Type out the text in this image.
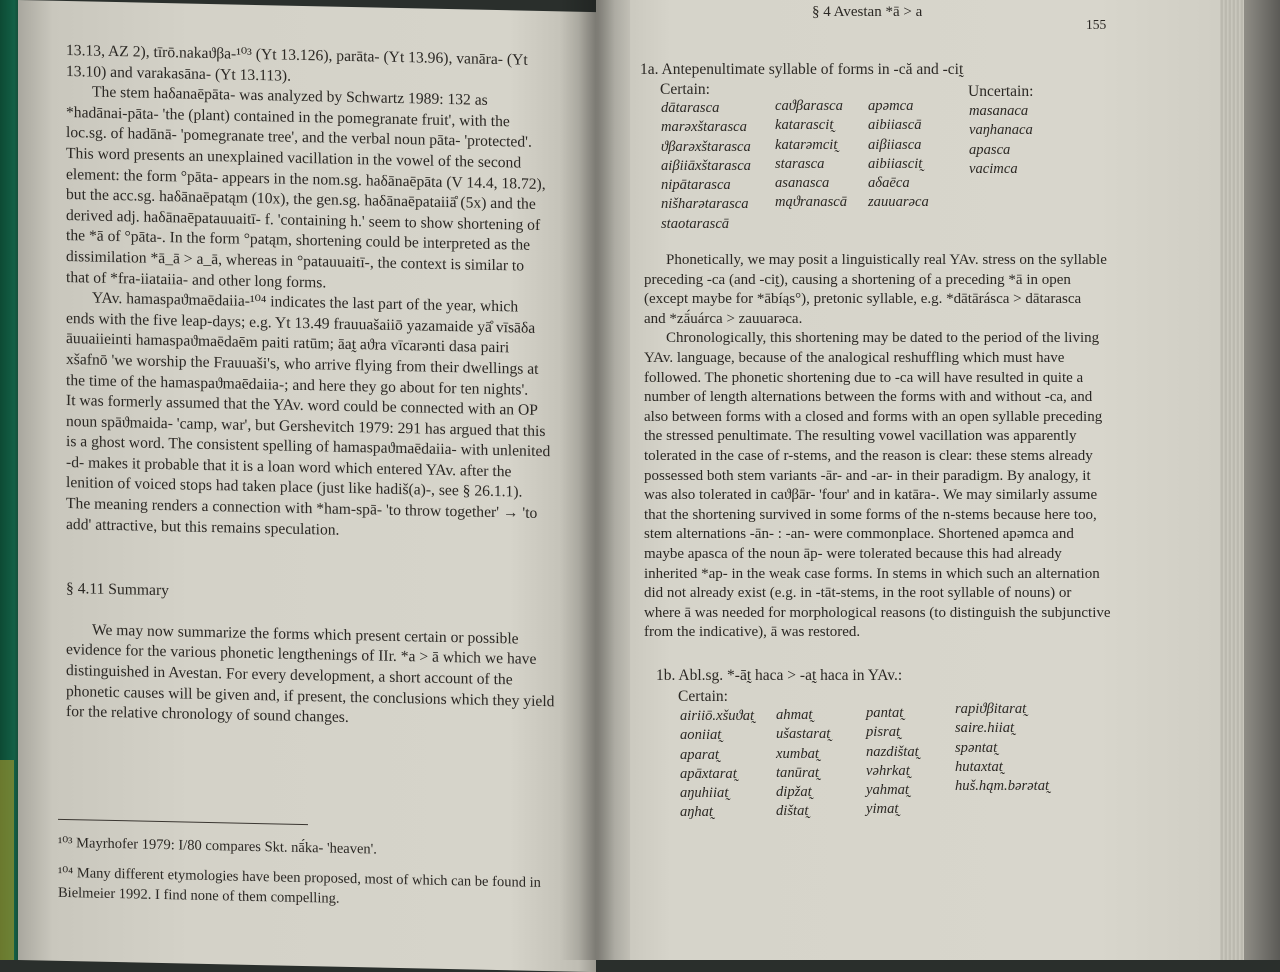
13.13, AZ 2), tīrō.nakaϑβa-¹⁰³ (Yt 13.126), parāta- (Yt 13.96), vanāra- (Yt

13.10) and varakasāna- (Yt 13.113).

The stem haδanaēpāta- was analyzed by Schwartz 1989: 132 as

*hadānai-pāta- 'the (plant) contained in the pomegranate fruit', with the

loc.sg. of hadānā- 'pomegranate tree', and the verbal noun pāta- 'protected'.

This word presents an unexplained vacillation in the vowel of the second

element: the form °pāta- appears in the nom.sg. haδānaēpāta (V 14.4, 18.72),

but the acc.sg. haδānaēpatąm (10x), the gen.sg. haδānaēpataiiā̊ (5x) and the

derived adj. haδānaēpatauuaitī- f. 'containing h.' seem to show shortening of

the *ā of °pāta-. In the form °patąm, shortening could be interpreted as the

dissimilation *ā_ā > a_ā, whereas in °patauuaitī-, the context is similar to

that of *fra-iiataiia- and other long forms.

YAv. hamaspaϑmaēdaiia-¹⁰⁴ indicates the last part of the year, which

ends with the five leap-days; e.g. Yt 13.49 frauuašaiiō yazamaide yā̊ vīsāδa

āuuaiieinti hamaspaϑmaēdaēm paiti ratūm; āat̰ aϑra vīcarənti dasa pairi

xšafnō 'we worship the Frauuaši's, who arrive flying from their dwellings at

the time of the hamaspaϑmaēdaiia-; and here they go about for ten nights'.

It was formerly assumed that the YAv. word could be connected with an OP

noun spāϑmaida- 'camp, war', but Gershevitch 1979: 291 has argued that this

is a ghost word. The consistent spelling of hamaspaϑmaēdaiia- with unlenited

-d- makes it probable that it is a loan word which entered YAv. after the

lenition of voiced stops had taken place (just like hadiš(a)-, see § 26.1.1).

The meaning renders a connection with *ham-spā- 'to throw together' → 'to

add' attractive, but this remains speculation.

§ 4.11 Summary

We may now summarize the forms which present certain or possible

evidence for the various phonetic lengthenings of IIr. *a > ā which we have

distinguished in Avestan. For every development, a short account of the

phonetic causes will be given and, if present, the conclusions which they yield

for the relative chronology of sound changes.

¹⁰³ Mayrhofer 1979: I/80 compares Skt. nā́ka- 'heaven'.
¹⁰⁴ Many different etymologies have been proposed, most of which can be found in
Bielmeier 1992. I find none of them compelling.
§ 4 Avestan *ā > a
155
1a. Antepenultimate syllable of forms in -că and -cit̰
Certain:	Uncertain:
dātarasca
marəxštarasca
ϑβarəxštarasca
aiβiiāxštarasca
nipātarasca
nišharətarasca
staotarascā
caϑβarasca
katarascit̰
katarəmcit̰
starasca
asanasca
mąϑranascā
apəmca
aibiiascā
aiβiiasca
aibiiascit̰
aδaēca
zauuarəca
masanaca
vaŋhanaca
apasca
vacimca

Phonetically, we may posit a linguistically real YAv. stress on the syllable

preceding -ca (and -cit̰), causing a shortening of a preceding *ā in open

(except maybe for *ābíąs°), pretonic syllable, e.g. *dātārásca > dātarasca

and *zā́uárca > zauuarəca.

Chronologically, this shortening may be dated to the period of the living

YAv. language, because of the analogical reshuffling which must have

followed. The phonetic shortening due to -ca will have resulted in quite a

number of length alternations between the forms with and without -ca, and

also between forms with a closed and forms with an open syllable preceding

the stressed penultimate. The resulting vowel vacillation was apparently

tolerated in the case of r-stems, and the reason is clear: these stems already

possessed both stem variants -ār- and -ar- in their paradigm. By analogy, it

was also tolerated in caϑβār- 'four' and in katāra-. We may similarly assume

that the shortening survived in some forms of the n-stems because here too,

stem alternations -ān- : -an- were commonplace. Shortened apəmca and

maybe apasca of the noun āp- were tolerated because this had already

inherited *ap- in the weak case forms. In stems in which such an alternation

did not already exist (e.g. in -tāt-stems, in the root syllable of nouns) or

where ā was needed for morphological reasons (to distinguish the subjunctive

from the indicative), ā was restored.

1b. Abl.sg. *-āt̰ haca > -at̰ haca in YAv.:
Certain:
airiiō.xšuϑat̰
aoniiat̰
aparat̰
apāxtarat̰
aŋuhiiat̰
aŋhat̰
ahmat̰
ušastarat̰
xumbat̰
tanūrat̰
dipžat̰
dištat̰
pantat̰
pisrat̰
nazdištat̰
vəhrkat̰
yahmat̰
yimat̰
rapiϑβitarat̰
saire.hiiat̰
spəntat̰
hutaxtat̰
huš.hąm.bərətat̰
